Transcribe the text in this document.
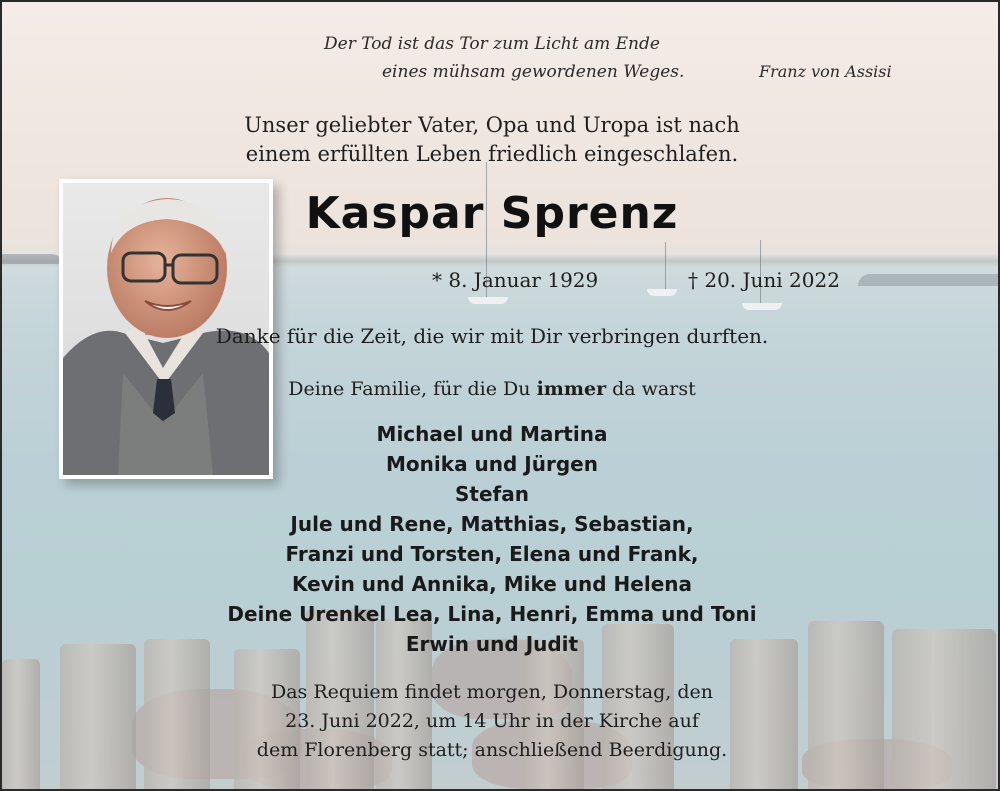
Der Tod ist das Tor zum Licht am Ende
eines mühsam gewordenen Weges.	Franz von Assisi
Unser geliebter Vater, Opa und Uropa ist nach
einem erfüllten Leben friedlich eingeschlafen.
Kaspar Sprenz
* 8. Januar 1929	† 20. Juni 2022
Danke für die Zeit, die wir mit Dir verbringen durften.
Deine Familie, für die Du immer da warst
Michael und Martina
Monika und Jürgen
Stefan
Jule und Rene, Matthias, Sebastian,
Franzi und Torsten, Elena und Frank,
Kevin und Annika, Mike und Helena
Deine Urenkel Lea, Lina, Henri, Emma und Toni
Erwin und Judit
Das Requiem findet morgen, Donnerstag, den
23. Juni 2022, um 14 Uhr in der Kirche auf
dem Florenberg statt; anschließend Beerdigung.
